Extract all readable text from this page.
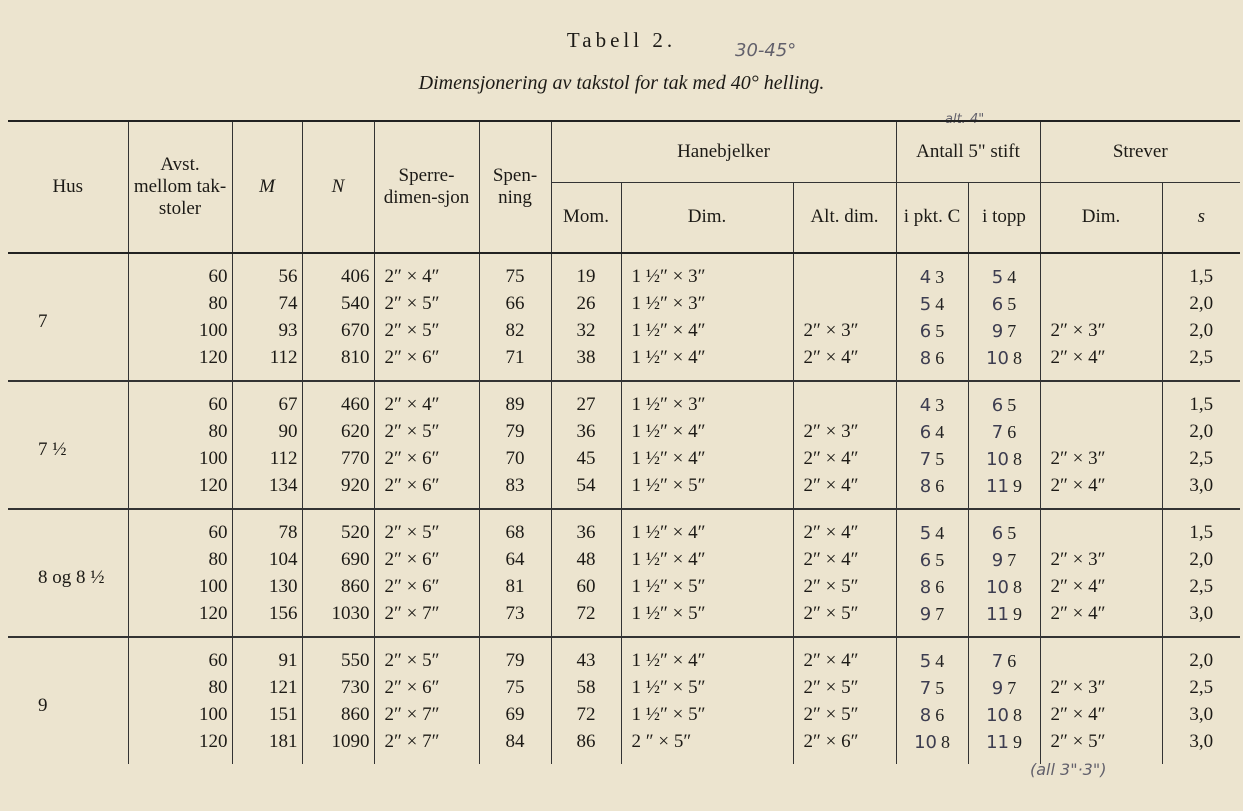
Tabell 2.	30-45°
Dimensjonering av takstol for tak med 40° helling.
alt. 4"
Hus	Avst. mellom tak-stoler	M	N	Sperre-dimen-sjon	Spen-ning	Hanebjelker			Antall 5" stift		Strever	
						Mom.	Dim.	Alt. dim.	i pkt. C	i topp	Dim.	s
7	60	56	406	2″ × 4″	75	19	1 ½″ × 3″		4 3	5 4		1,5
	80	74	540	2″ × 5″	66	26	1 ½″ × 3″		5 4	6 5		2,0
	100	93	670	2″ × 5″	82	32	1 ½″ × 4″	2″ × 3″	6 5	9 7	2″ × 3″	2,0
	120	112	810	2″ × 6″	71	38	1 ½″ × 4″	2″ × 4″	8 6	10 8	2″ × 4″	2,5
7 ½	60	67	460	2″ × 4″	89	27	1 ½″ × 3″		4 3	6 5		1,5
	80	90	620	2″ × 5″	79	36	1 ½″ × 4″	2″ × 3″	6 4	7 6		2,0
	100	112	770	2″ × 6″	70	45	1 ½″ × 4″	2″ × 4″	7 5	10 8	2″ × 3″	2,5
	120	134	920	2″ × 6″	83	54	1 ½″ × 5″	2″ × 4″	8 6	11 9	2″ × 4″	3,0
8 og 8 ½	60	78	520	2″ × 5″	68	36	1 ½″ × 4″	2″ × 4″	5 4	6 5		1,5
	80	104	690	2″ × 6″	64	48	1 ½″ × 4″	2″ × 4″	6 5	9 7	2″ × 3″	2,0
	100	130	860	2″ × 6″	81	60	1 ½″ × 5″	2″ × 5″	8 6	10 8	2″ × 4″	2,5
	120	156	1030	2″ × 7″	73	72	1 ½″ × 5″	2″ × 5″	9 7	11 9	2″ × 4″	3,0
9	60	91	550	2″ × 5″	79	43	1 ½″ × 4″	2″ × 4″	5 4	7 6		2,0
	80	121	730	2″ × 6″	75	58	1 ½″ × 5″	2″ × 5″	7 5	9 7	2″ × 3″	2,5
	100	151	860	2″ × 7″	69	72	1 ½″ × 5″	2″ × 5″	8 6	10 8	2″ × 4″	3,0
	120	181	1090	2″ × 7″	84	86	2 ″ × 5″	2″ × 6″	10 8	11 9	2″ × 5″	3,0
(all 3"·3")
